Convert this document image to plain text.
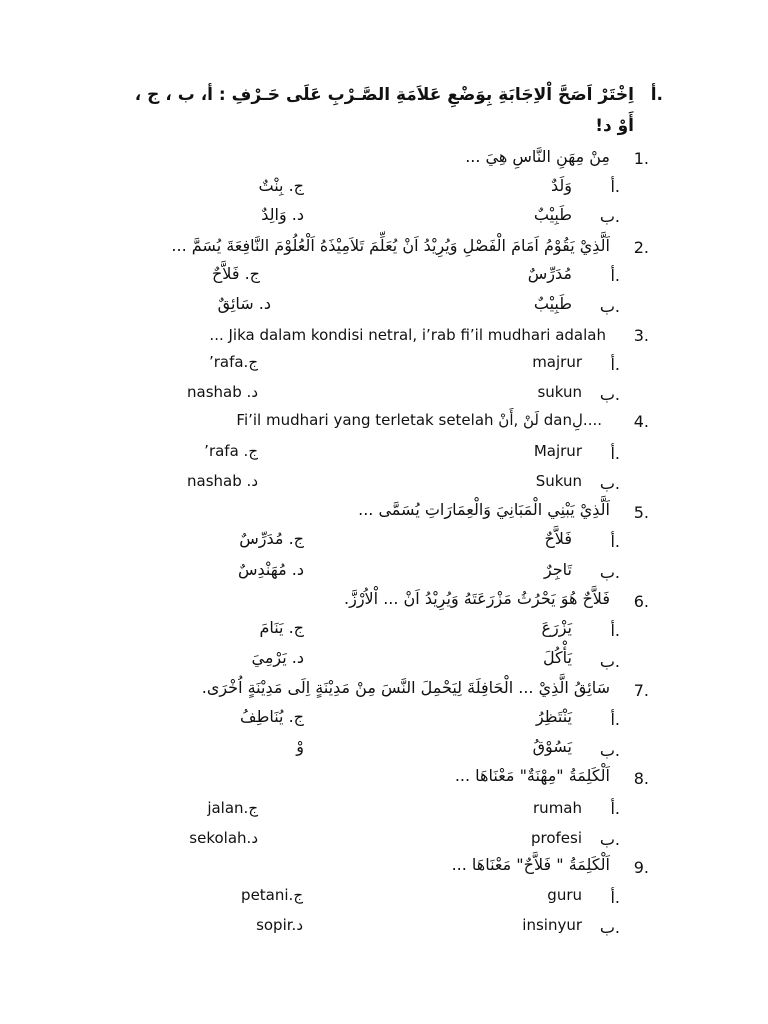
أ.
اِخْتَرْ اَصَحَّ اْلاِجَابَةِ بِوَضْعِ عَلاَمَةِ الصَّـرْبِ عَلَى حَـرْفِ : أ، ب ، ج ،
أَوْ د!
1.
مِنْ مِهَنِ النَّاسِ هِيَ ...
أ.
وَلَدٌ
ج. بِنْتٌ
ب.
طَبِيْبٌ
د. وَالِدٌ
2.
اَلَّذِيْ يَقُوْمُ اَمَامَ الْفَصْلِ وَيُرِيْدُ اَنْ يُعَلِّمَ تَلاَمِيْذَهُ اَلْعُلُوْمَ النَّافِعَةَ يُسَمَّ ...
أ.
مُدَرِّسٌ
ج. فَلاَّحٌ
ب.
طَبِيْبٌ
د. سَائِقٌ
3.
... Jika dalam kondisi netral, i’rab fi’il mudhari adalah
أ.
majrur
’rafa.ج
ب.
sukun
nashab .د
4.
Fi’il mudhari yang terletak setelah لَنْ ,أَنْ danلِ....
أ.
Majrur
’rafa .ج
ب.
Sukun
nashab .د
5.
اَلَّذِيْ يَبْنِي الْمَبَانِيَ وَالْعِمَارَاتِ يُسَمَّى ...
أ.
فَلاَّحٌ
ج. مُدَرِّسٌ
ب.
تَاجِرٌ
د. مُهَنْدِسٌ
6.
فَلاَّحٌ هُوَ يَحْرُثُ مَزْرَعَتَهُ وَيُرِيْدُ اَنْ ... اْلاُرْزَّ.
أ.
يَزْرَعَ
ج. يَنَامَ
ب.
يَأْكُلَ
د. يَرْمِيَ
7.
سَائِقُ الَّذِيْ ... الْحَافِلَةَ لِيَحْمِلَ النَّسَ مِنْ مَدِيْنَةٍ اِلَى مَدِيْنَةٍ اُخْرَى.
أ.
يَنْتَظِرُ
ج. يُنَاطِفُ
ب.
يَسُوْقُ
وْ
8.
اَلْكَلِمَةُ "مِهْنَةٌ" مَعْنَاهَا ...
أ.
rumah
jalan.ج
ب.
profesi
sekolah.د
9.
اَلْكَلِمَةُ " فَلاَّحٌ" مَعْنَاهَا ...
أ.
guru
petani.ج
ب.
insinyur
sopir.د
